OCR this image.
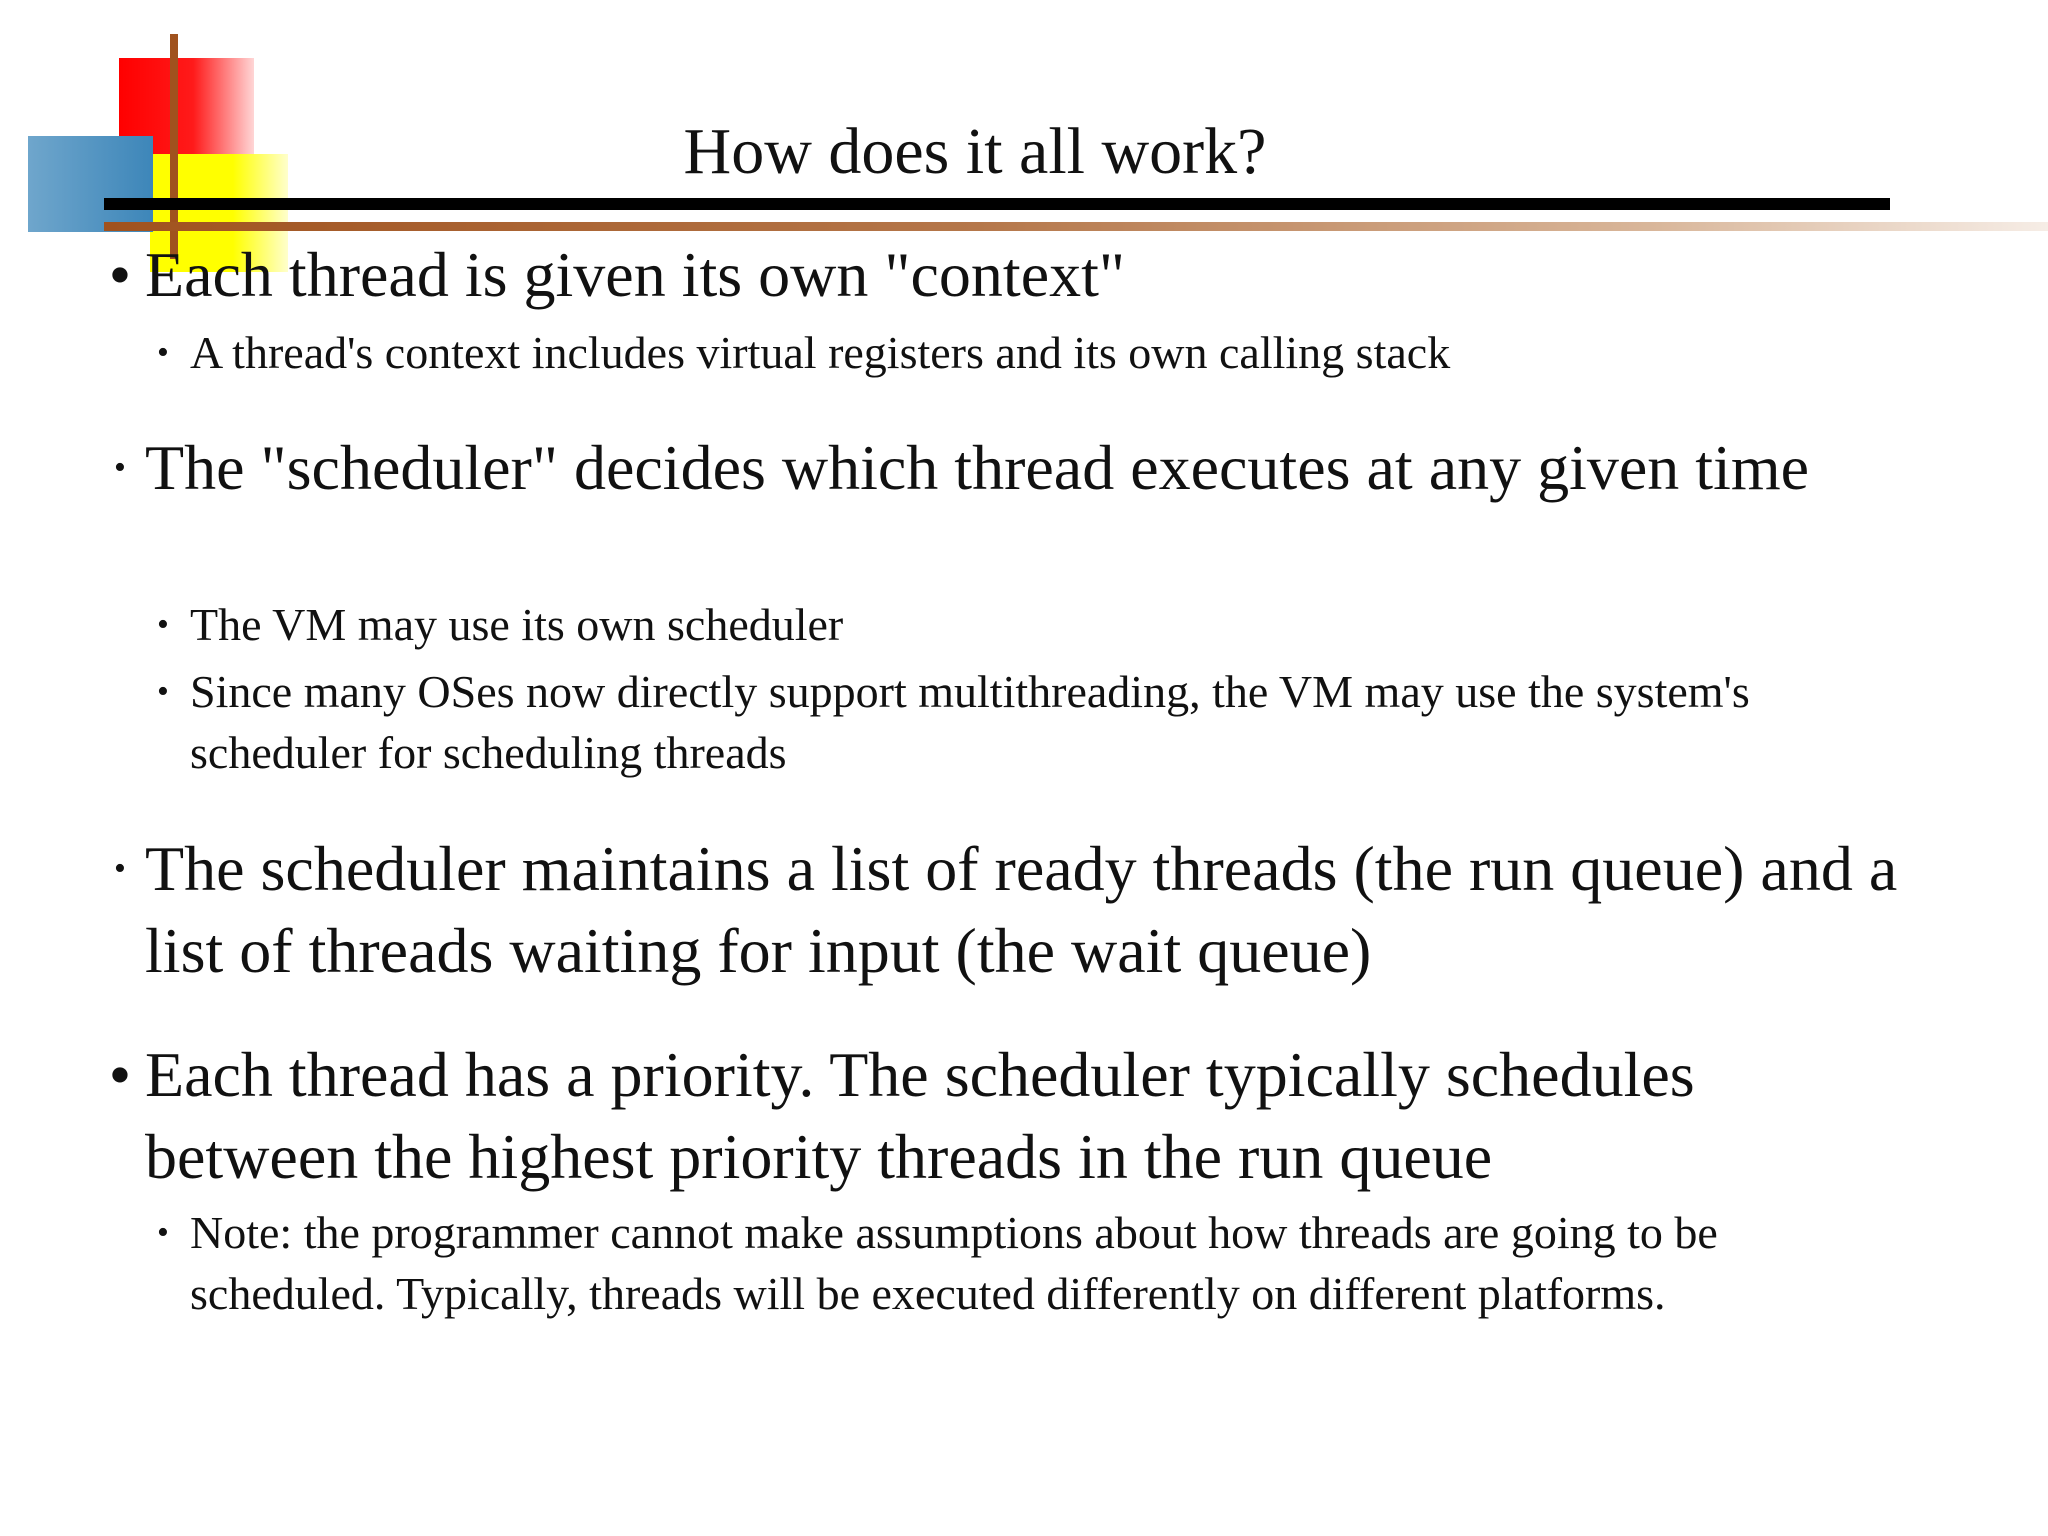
How does it all work?
• Each thread is given its own "context"
• A thread's context includes virtual registers and its own calling stack
• The "scheduler" decides which thread executes at any given time
• The VM may use its own scheduler
• Since many OSes now directly support multithreading, the VM may use the system's scheduler for scheduling threads
• The scheduler maintains a list of ready threads (the run queue) and a list of threads waiting for input (the wait queue)
• Each thread has a priority. The scheduler typically schedules between the highest priority threads in the run queue
• Note: the programmer cannot make assumptions about how threads are going to be scheduled. Typically, threads will be executed differently on different platforms.
